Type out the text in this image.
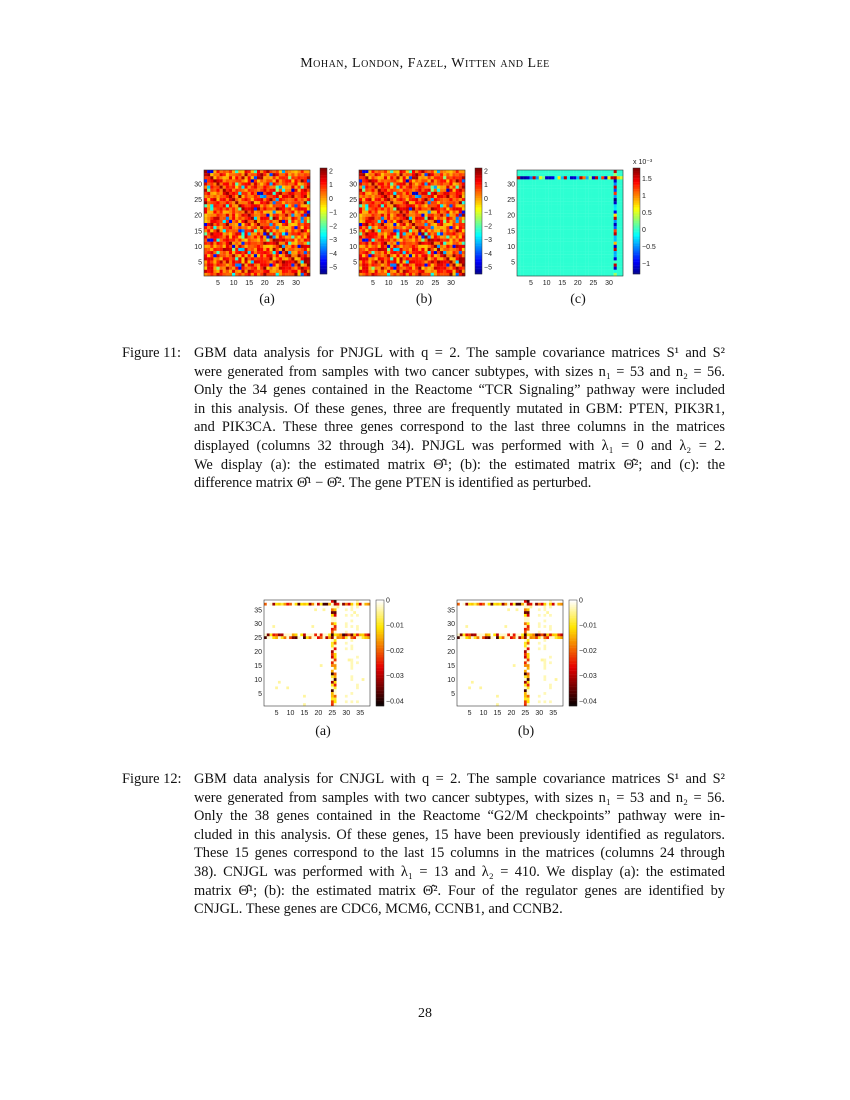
Mohan, London, Fazel, Witten and Lee
5 10 15 20 25 30
30
25
20
15
10
5
2
1
0
−1
−2
−3
−4
−5
5 10 15 20 25 30
30
25
20
15
10
5
2
1
0
−1
−2
−3
−4
−5
5 10 15 20 25 30
30
25
20
15
10
5
1.5
1
0.5
0
−0.5
−1
x 10⁻³
(a)	(b)	(c)
Figure 11: GBM data analysis for PNJGL with q = 2. The sample covariance matrices S¹ and S²
were generated from samples with two cancer subtypes, with sizes n₁ = 53 and n₂ = 56.
Only the 34 genes contained in the Reactome “TCR Signaling” pathway were included
in this analysis. Of these genes, three are frequently mutated in GBM: PTEN, PIK3R1,
and PIK3CA. These three genes correspond to the last three columns in the matrices
displayed (columns 32 through 34). PNJGL was performed with λ₁ = 0 and λ₂ = 2.
We display (a): the estimated matrix Θ̂¹; (b): the estimated matrix Θ̂²; and (c): the
difference matrix Θ̂¹ − Θ̂². The gene PTEN is identified as perturbed.
5 10 15 20 25 30 35
35
30
25
20
15
10
5
0
−0.01
−0.02
−0.03
−0.04
5 10 15 20 25 30 35
35
30
25
20
15
10
5
0
−0.01
−0.02
−0.03
−0.04
(a)	(b)
Figure 12: GBM data analysis for CNJGL with q = 2. The sample covariance matrices S¹ and S²
were generated from samples with two cancer subtypes, with sizes n₁ = 53 and n₂ = 56.
Only the 38 genes contained in the Reactome “G2/M checkpoints” pathway were in-
cluded in this analysis. Of these genes, 15 have been previously identified as regulators.
These 15 genes correspond to the last 15 columns in the matrices (columns 24 through
38). CNJGL was performed with λ₁ = 13 and λ₂ = 410. We display (a): the estimated
matrix Θ̂¹; (b): the estimated matrix Θ̂². Four of the regulator genes are identified by
CNJGL. These genes are CDC6, MCM6, CCNB1, and CCNB2.
28
